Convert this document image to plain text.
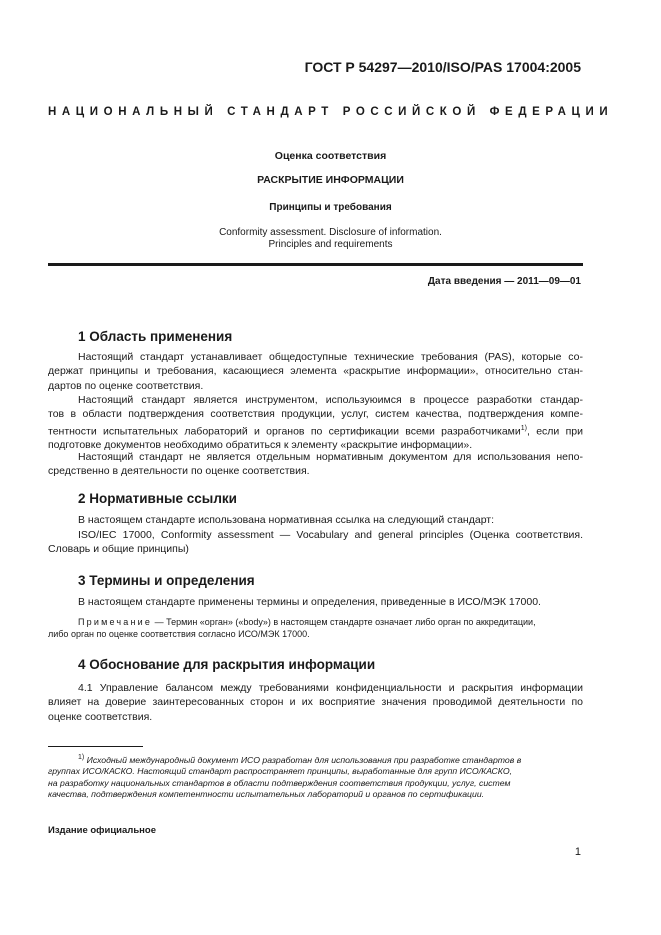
ГОСТ Р 54297—2010/ISO/PAS 17004:2005
НАЦИОНАЛЬНЫЙ СТАНДАРТ РОССИЙСКОЙ ФЕДЕРАЦИИ
Оценка соответствия
РАСКРЫТИЕ ИНФОРМАЦИИ
Принципы и требования
Conformity assessment. Disclosure of information.
Principles and requirements
Дата введения — 2011—09—01
1 Область применения
Настоящий стандарт устанавливает общедоступные технические требования (PAS), которые со-
держат принципы и требования, касающиеся элемента «раскрытие информации», относительно стан-
дартов по оценке соответствия.
Настоящий стандарт является инструментом, используюимся в процессе разработки стандар-
тов в области подтверждения соответствия продукции, услуг, систем качества, подтверждения компе-
тентности испытательных лабораторий и органов по сертификации всеми разработчиками$^{1)}$, если при
подготовке документов необходимо обратиться к элементу «раскрытие информации».
Настоящий стандарт не является отдельным нормативным документом для использования непо-
средственно в деятельности по оценке соответствия.
2 Нормативные ссылки
В настоящем стандарте использована нормативная ссылка на следующий стандарт:
ISO/IEC 17000, Conformity assessment — Vocabulary and general principles (Оценка соответствия.
Словарь и общие принципы)
3 Термины и определения
В настоящем стандарте применены термины и определения, приведенные в ИСО/МЭК 17000.
Примечание — Термин «орган» («body») в настоящем стандарте означает либо орган по аккредитации,
либо орган по оценке соответствия согласно ИСО/МЭК 17000.
4 Обоснование для раскрытия информации
4.1 Управление балансом между требованиями конфиденциальности и раскрытия информации
влияет на доверие заинтересованных сторон и их восприятие значения проводимой деятельности по
оценке соответствия.
$^{1)}$ Исходный международный документ ИСО разработан для использования при разработке стандартов в
группах ИСО/КАСКО. Настоящий стандарт распространяет принципы, выработанные для групп ИСО/КАСКО,
на разработку национальных стандартов в области подтверждения соответствия продукции, услуг, систем
качества, подтверждения компетентности испытательных лабораторий и органов по сертификации.
Издание официальное
1
